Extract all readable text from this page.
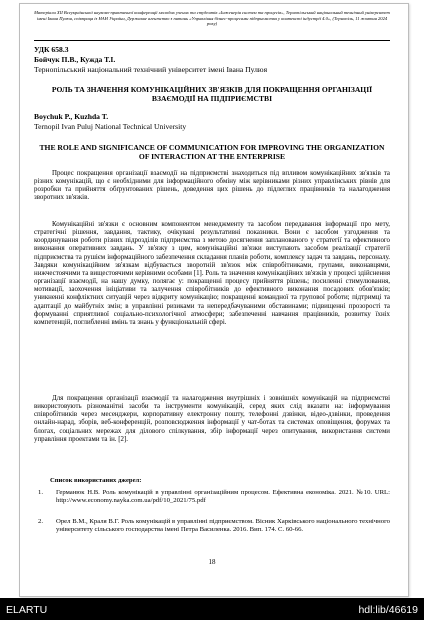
Матеріали XII Всеукраїнської науково-практичної конференції молодих учених та студентів «Інженерія систем та процесів», Тернопільський національний технічний університет імені Івана Пулюя, співпраця із НАН України, Державне агентство з питань «Управління бізнес-процесами підприємства у контексті індустрії 4.0», (Тернопіль, 11 жовтня 2024 року)
УДК 658.3
Бойчук П.В., Кужда Т.І.
Тернопільський національний технічний університет імені Івана Пулюя
РОЛЬ ТА ЗНАЧЕННЯ КОМУНІКАЦІЙНИХ ЗВ'ЯЗКІВ ДЛЯ ПОКРАЩЕННЯ ОРГАНІЗАЦІЇ ВЗАЄМОДІЇ НА ПІДПРИЄМСТВІ
Boychuk P., Kuzhda T.
Ternopil Ivan Puluj National Technical University
THE ROLE AND SIGNIFICANCE OF COMMUNICATION FOR IMPROVING THE ORGANIZATION OF INTERACTION AT THE ENTERPRISE
Процес покращення організації взаємодії на підприємстві знаходиться під впливом комунікаційних зв'язків та різних комунікацій, що є необхідними для інформаційного обміну між керівниками різних управлінських рівнів для розробки та прийняття обґрунтованих рішень, доведення цих рішень до підлеглих працівників та налагодження зворотних зв'язків.
Комунікаційні зв'язки є основним компонентом менеджменту та засобом передавання інформації про мету, стратегічні рішення, завдання, тактику, очікувані результативні показники. Вони є засобом узгодження та координування роботи різних підрозділів підприємства з метою досягнення запланованого у стратегії та ефективного виконання оперативних завдань. У зв'язку з цим, комунікаційні зв'язки виступають засобом реалізації стратегії підприємства та рушієм інформаційного забезпечення складання планів роботи, комплексу задач та завдань, персоналу. Завдяки комунікаційним зв'язкам відбувається зворотній зв'язок між співробітниками, групами, виконавцями, нижчестоячими та вищестоячими керівними особами [1]. Роль та значення комунікаційних зв'язків у процесі здійснення організації взаємодії, на нашу думку, полягає у: покращенні процесу прийняття рішень; посиленні стимулювання, мотивації, заохочення ініціативи та залучення співробітників до ефективного виконання посадових обов'язків; уникненні конфліктних ситуацій через відкриту комунікацію; покращенні командної та групової роботи; підтримці та адаптації до майбутніх змін; в управлінні ризиками та непередбачуваними обставинами; підвищенні прозорості та формуванні сприятливої соціально-психологічної атмосфери; забезпеченні навчання працівників, розвитку їхніх компетенцій, поглибленні вмінь та знань у функціональній сфері.
Для покращення організації взаємодії та налагодження внутрішніх і зовнішніх комунікацій на підприємстві використовують різноманітні засоби та інструменти комунікацій, серед яких слід вказати на: інформування співробітників через месенджери, корпоративну електронну пошту, телефонні дзвінки, відео-дзвінки, проведення онлайн-нарад, зборів, веб-конференцій, розповсюдження інформації у чат-ботах та системах оповіщення, форумах та блогах, соціальних мережах для ділового спілкування, збір інформації через опитування, використання системи управління проектами та ін. [2].
Список використаних джерел:
1. Германюк Н.В. Роль комунікацій в управлінні організаційним процесом. Ефективна економіка. 2021. №10. URL: http://www.economy.nayka.com.ua/pdf/10_2021/75.pdf
2. Орел В.М., Краля В.Г. Роль комунікацій в управлінні підприємством. Вісник Харківського національного технічного університету сільського господарства імені Петра Василенка. 2016. Вип. 174. С. 60-66.
18
ELARTU	hdl:lib/46619
